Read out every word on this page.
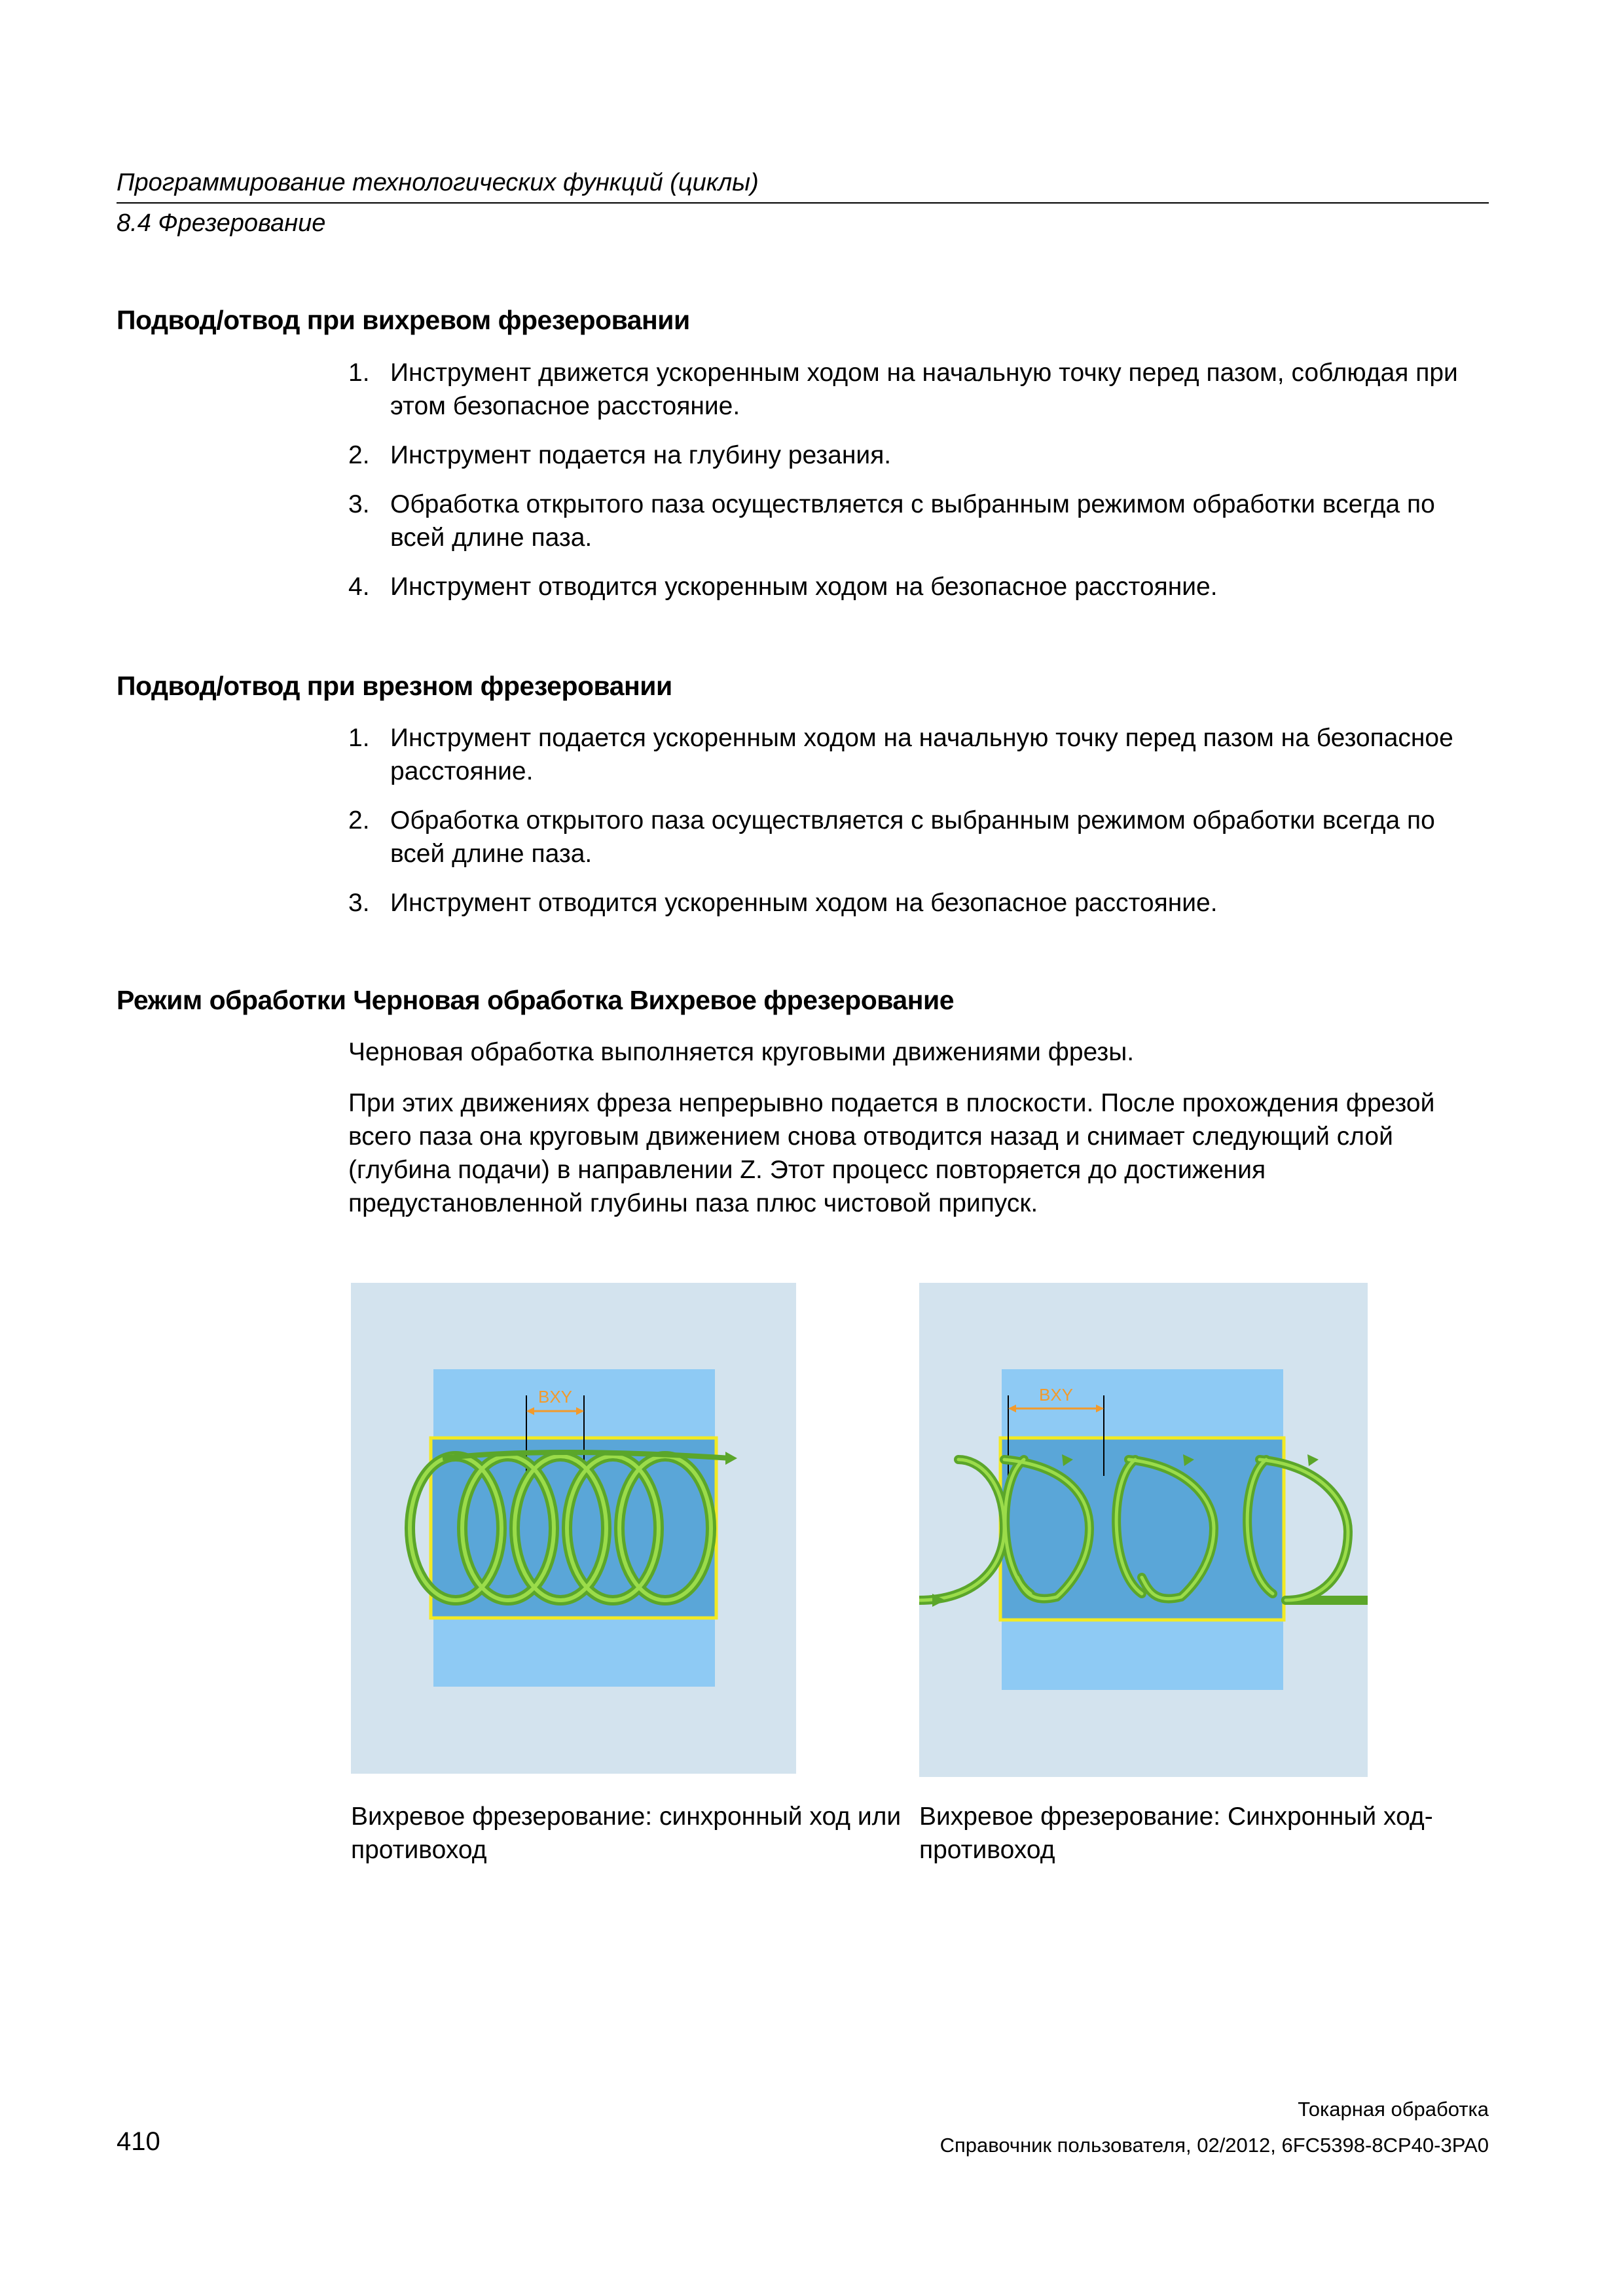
Программирование технологических функций (циклы)
8.4 Фрезерование
Подвод/отвод при вихревом фрезеровании
1. Инструмент движется ускоренным ходом на начальную точку перед пазом, соблюдая при этом безопасное расстояние.
2. Инструмент подается на глубину резания.
3. Обработка открытого паза осуществляется с выбранным режимом обработки всегда по всей длине паза.
4. Инструмент отводится ускоренным ходом на безопасное расстояние.
Подвод/отвод при врезном фрезеровании
1. Инструмент подается ускоренным ходом на начальную точку перед пазом на безопасное расстояние.
2. Обработка открытого паза осуществляется с выбранным режимом обработки всегда по всей длине паза.
3. Инструмент отводится ускоренным ходом на безопасное расстояние.
Режим обработки Черновая обработка Вихревое фрезерование

Черновая обработка выполняется круговыми движениями фрезы.

При этих движениях фреза непрерывно подается в плоскости. После прохождения фрезой всего паза она круговым движением снова отводится назад и снимает следующий слой (глубина подачи) в направлении Z. Этот процесс повторяется до достижения предустановленной глубины паза плюс чистовой припуск.

BXY	BXY
Вихревое фрезерование: синхронный ход или противоход
Вихревое фрезерование: Синхронный ход-противоход
410
Токарная обработка
Справочник пользователя, 02/2012, 6FC5398-8CP40-3PA0
